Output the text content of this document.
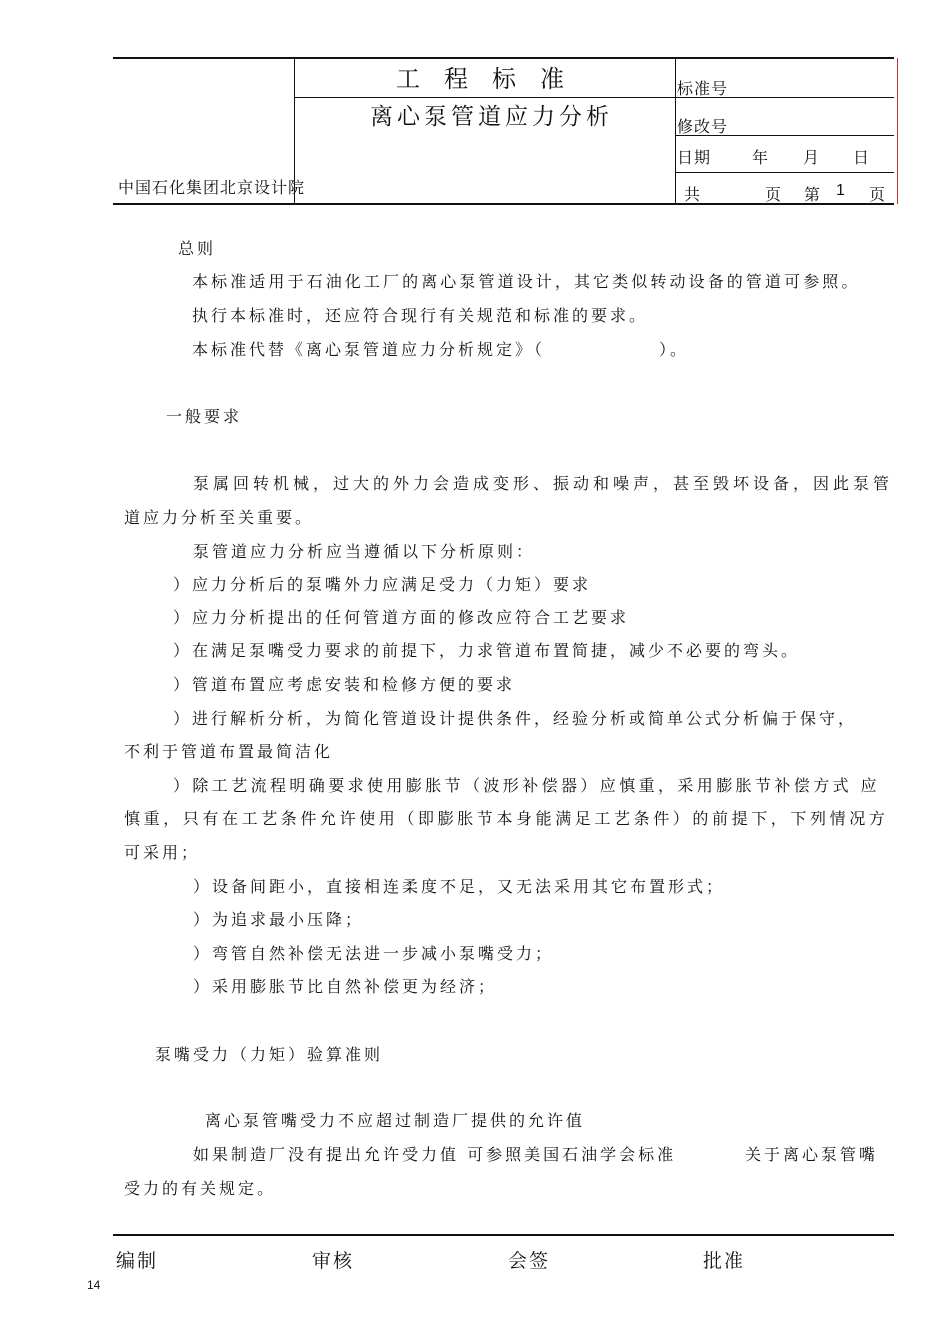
工　程　标　准
离心泵管道应力分析
中国石化集团北京设计院
标准号
修改号
日期	年 月 日
共	页 第 1 页
总则
本标准适用于石油化工厂的离心泵管道设计，其它类似转动设备的管道可参照。
执行本标准时，还应符合现行有关规范和标准的要求。
本标准代替《离心泵管道应力分析规定》（	）。
一般要求
泵属回转机械，过大的外力会造成变形、振动和噪声，甚至毁坏设备，因此泵管
道应力分析至关重要。
泵管道应力分析应当遵循以下分析原则：
）应力分析后的泵嘴外力应满足受力（力矩）要求
）应力分析提出的任何管道方面的修改应符合工艺要求
）在满足泵嘴受力要求的前提下，力求管道布置简捷，减少不必要的弯头。
）管道布置应考虑安装和检修方便的要求
）进行解析分析，为简化管道设计提供条件，经验分析或简单公式分析偏于保守，
不利于管道布置最简洁化
）除工艺流程明确要求使用膨胀节（波形补偿器）应慎重，采用膨胀节补偿方式 应
慎重，只有在工艺条件允许使用（即膨胀节本身能满足工艺条件）的前提下，下列情况方
可采用；
）设备间距小，直接相连柔度不足，又无法采用其它布置形式；
）为追求最小压降；
）弯管自然补偿无法进一步减小泵嘴受力；
）采用膨胀节比自然补偿更为经济；
泵嘴受力（力矩）验算准则
离心泵管嘴受力不应超过制造厂提供的允许值
如果制造厂没有提出允许受力值 可参照美国石油学会标准	关于离心泵管嘴
受力的有关规定。
编制	审核	会签	批准
14
